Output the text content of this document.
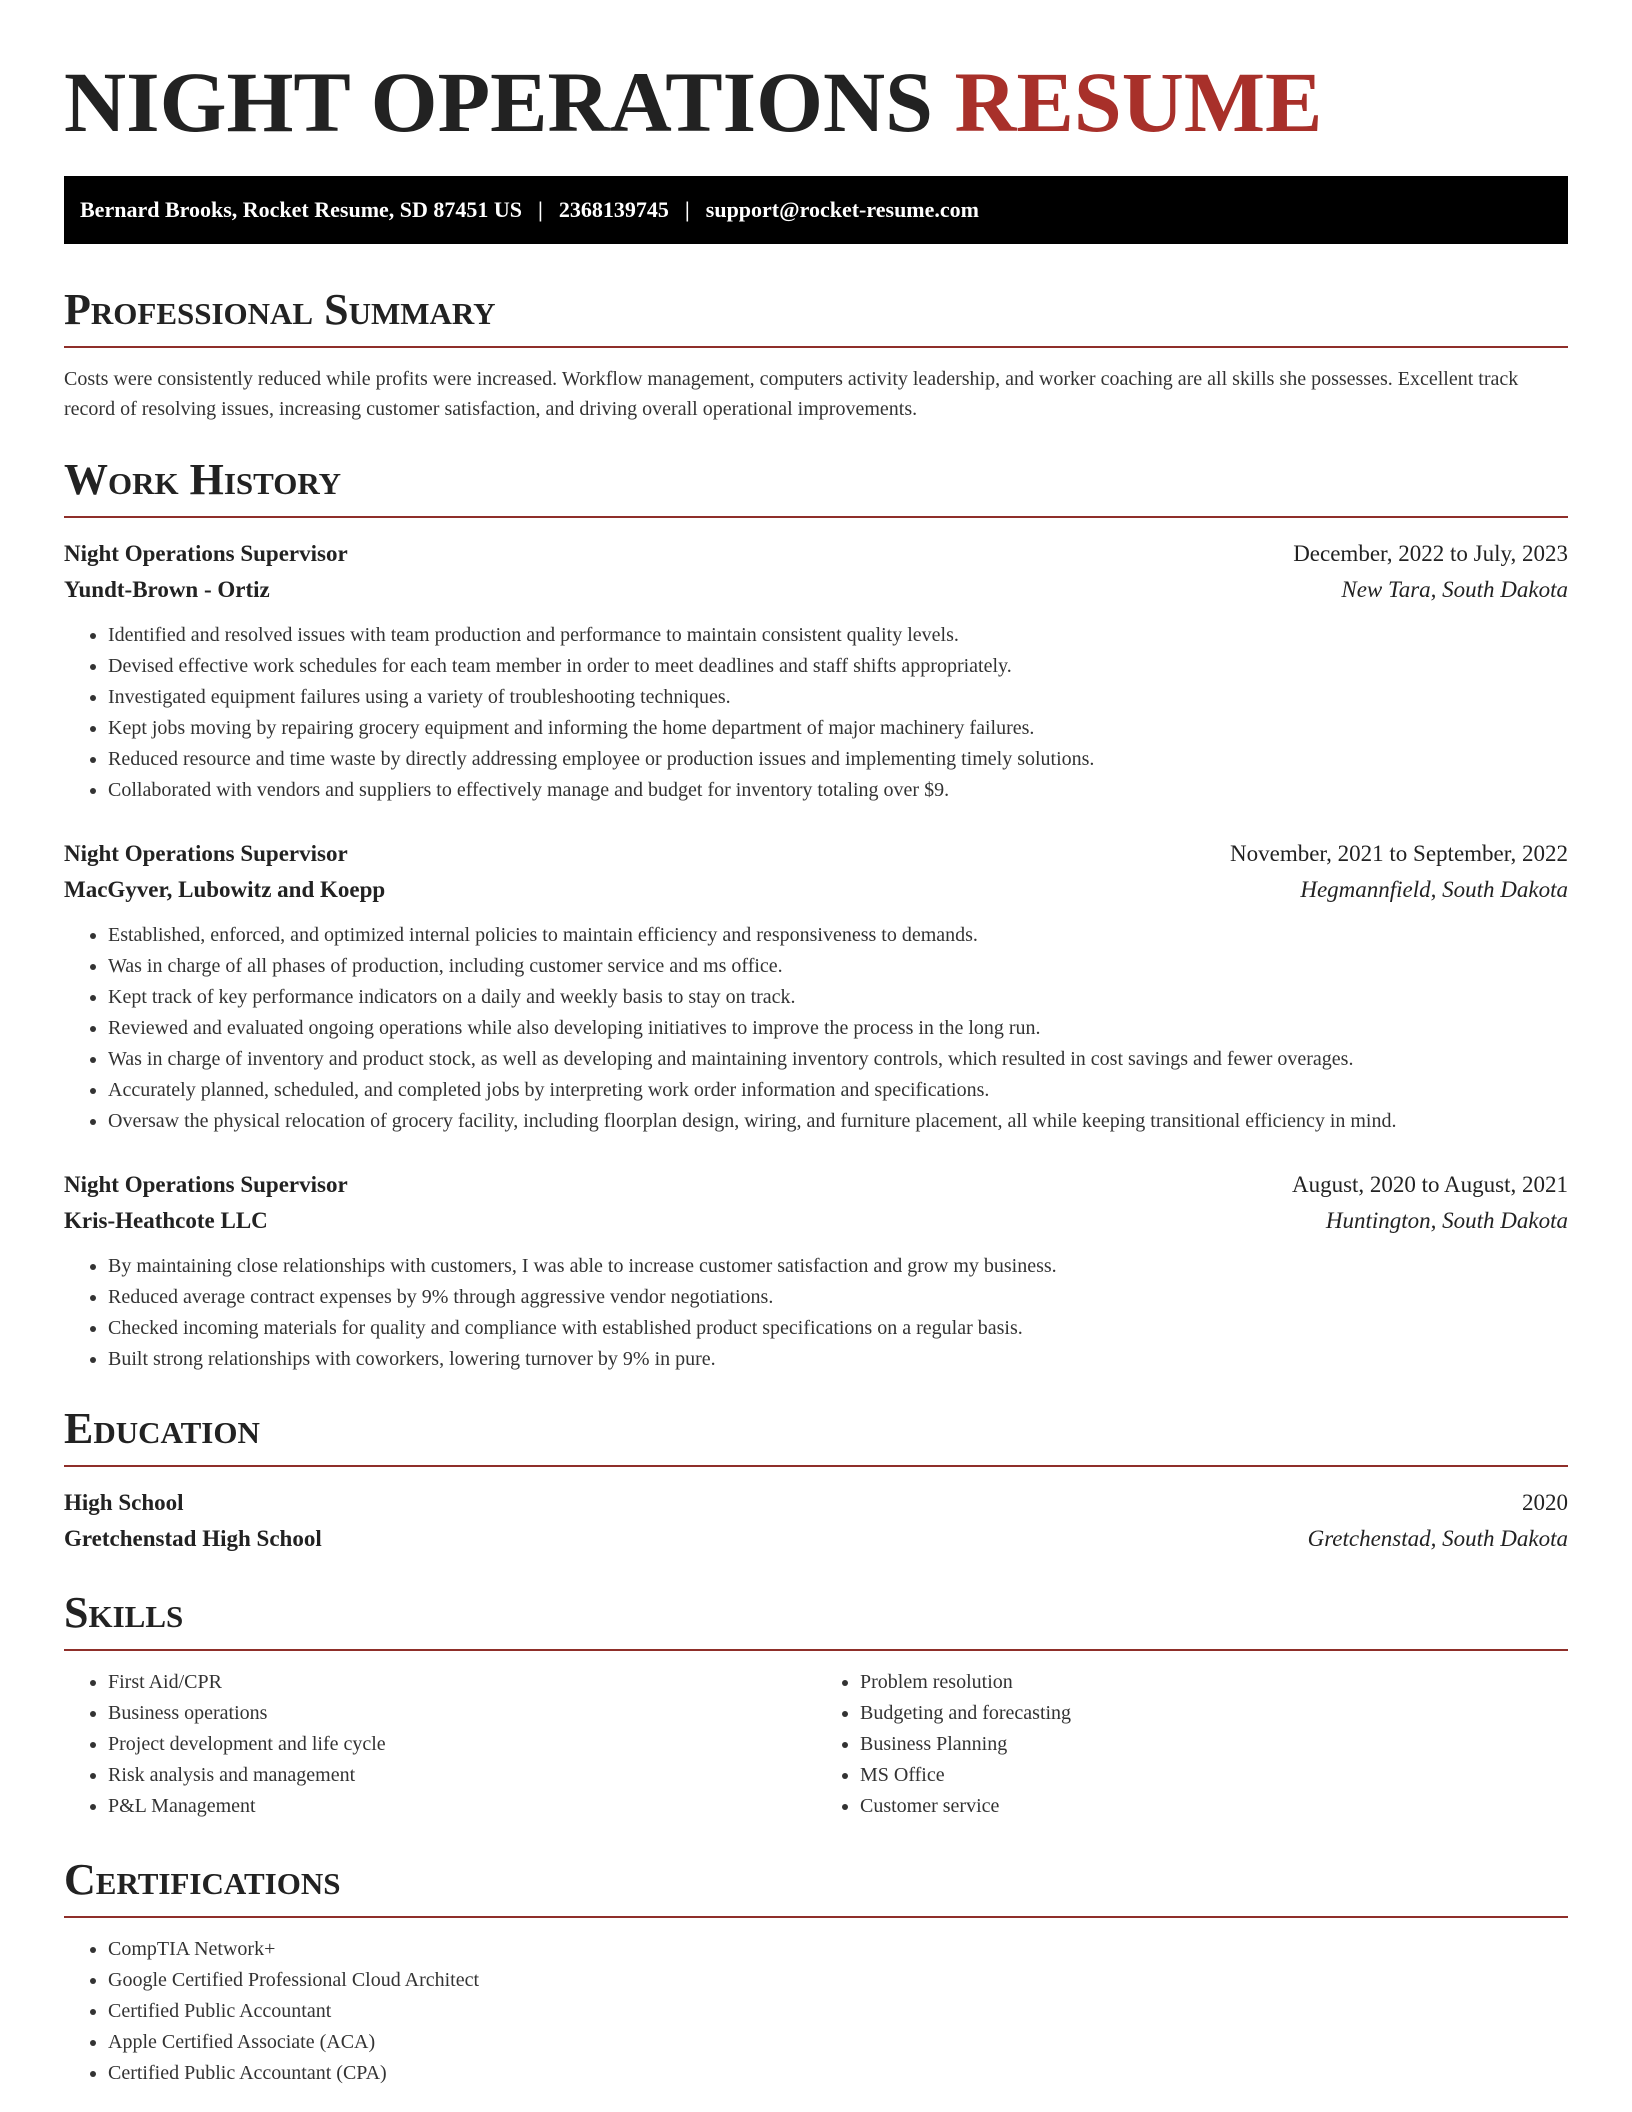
NIGHT OPERATIONS RESUME
Bernard Brooks, Rocket Resume, SD 87451 US | 2368139745 | support@rocket-resume.com
Professional Summary
Costs were consistently reduced while profits were increased. Workflow management, computers activity leadership, and worker coaching are all skills she possesses. Excellent track record of resolving issues, increasing customer satisfaction, and driving overall operational improvements.
Work History
Night Operations Supervisor	December, 2022 to July, 2023
Yundt-Brown - Ortiz	New Tara, South Dakota
• Identified and resolved issues with team production and performance to maintain consistent quality levels.
• Devised effective work schedules for each team member in order to meet deadlines and staff shifts appropriately.
• Investigated equipment failures using a variety of troubleshooting techniques.
• Kept jobs moving by repairing grocery equipment and informing the home department of major machinery failures.
• Reduced resource and time waste by directly addressing employee or production issues and implementing timely solutions.
• Collaborated with vendors and suppliers to effectively manage and budget for inventory totaling over $9.
Night Operations Supervisor	November, 2021 to September, 2022
MacGyver, Lubowitz and Koepp	Hegmannfield, South Dakota
• Established, enforced, and optimized internal policies to maintain efficiency and responsiveness to demands.
• Was in charge of all phases of production, including customer service and ms office.
• Kept track of key performance indicators on a daily and weekly basis to stay on track.
• Reviewed and evaluated ongoing operations while also developing initiatives to improve the process in the long run.
• Was in charge of inventory and product stock, as well as developing and maintaining inventory controls, which resulted in cost savings and fewer overages.
• Accurately planned, scheduled, and completed jobs by interpreting work order information and specifications.
• Oversaw the physical relocation of grocery facility, including floorplan design, wiring, and furniture placement, all while keeping transitional efficiency in mind.
Night Operations Supervisor	August, 2020 to August, 2021
Kris-Heathcote LLC	Huntington, South Dakota
• By maintaining close relationships with customers, I was able to increase customer satisfaction and grow my business.
• Reduced average contract expenses by 9% through aggressive vendor negotiations.
• Checked incoming materials for quality and compliance with established product specifications on a regular basis.
• Built strong relationships with coworkers, lowering turnover by 9% in pure.
Education
High School	2020
Gretchenstad High School	Gretchenstad, South Dakota
Skills
• First Aid/CPR
• Business operations
• Project development and life cycle
• Risk analysis and management
• P&L Management
• Problem resolution
• Budgeting and forecasting
• Business Planning
• MS Office
• Customer service
Certifications
• CompTIA Network+
• Google Certified Professional Cloud Architect
• Certified Public Accountant
• Apple Certified Associate (ACA)
• Certified Public Accountant (CPA)
